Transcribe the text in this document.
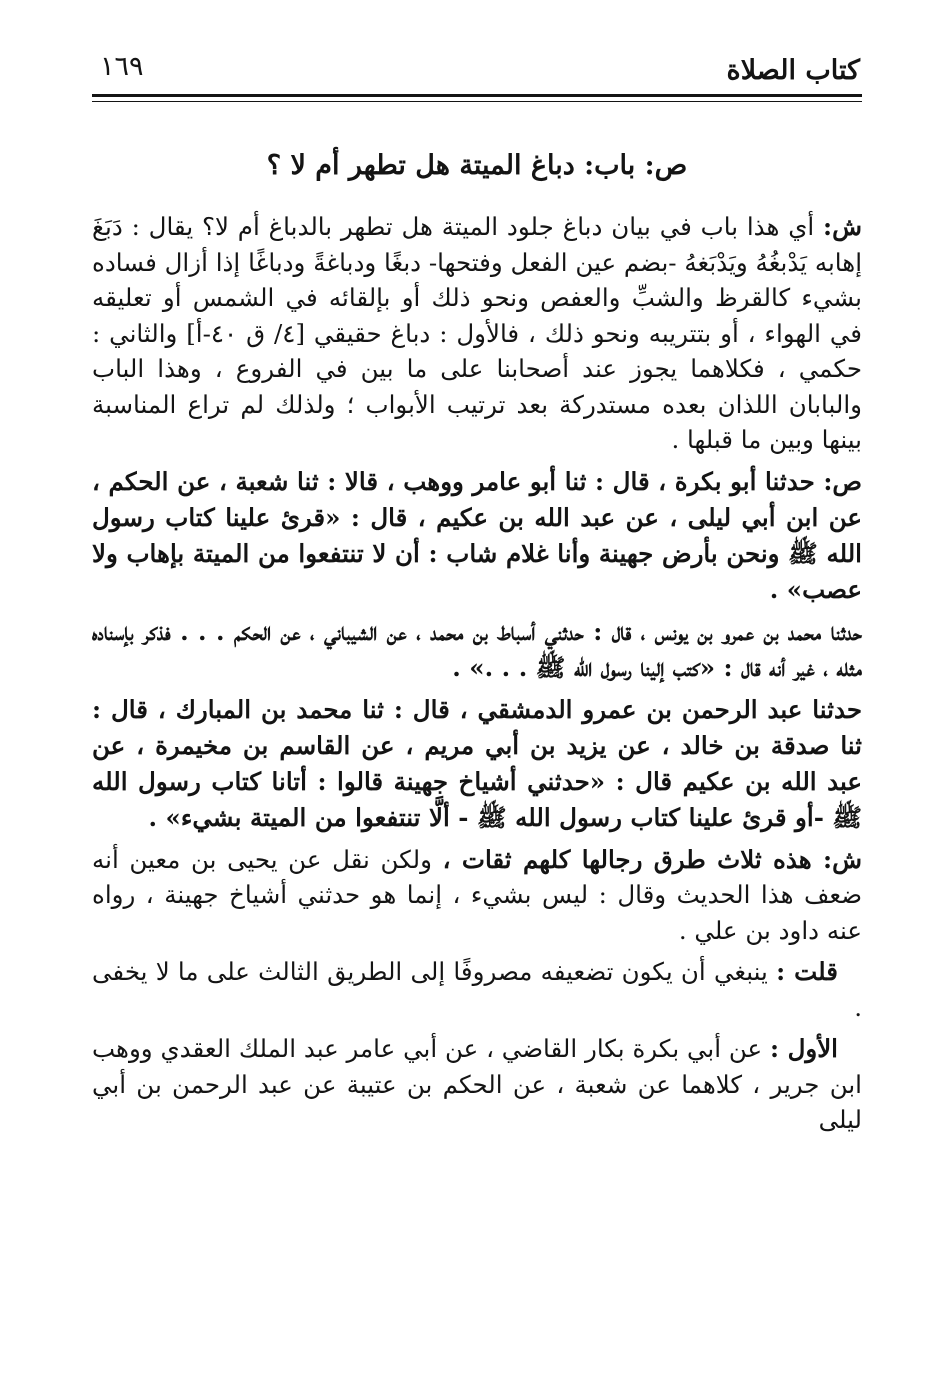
كتاب الصلاة
١٦٩
ص: باب: دباغ الميتة هل تطهر أم لا ؟

ش: أي هذا باب في بيان دباغ جلود الميتة هل تطهر بالدباغ أم لا؟ يقال : دَبَغَ إهابه يَدْبغُهُ ويَدْبَغهُ -بضم عين الفعل وفتحها- دبغًا ودباغةً ودباغًا إذا أزال فساده بشيء كالقرظ والشبِّ والعفص ونحو ذلك أو بإلقائه في الشمس أو تعليقه في الهواء ، أو بتتريبه ونحو ذلك ، فالأول : دباغ حقيقي [٤/ ق ٤٠-أ] والثاني : حكمي ، فكلاهما يجوز عند أصحابنا على ما بين في الفروع ، وهذا الباب والبابان اللذان بعده مستدركة بعد ترتيب الأبواب ؛ ولذلك لم تراع المناسبة بينها وبين ما قبلها .

ص: حدثنا أبو بكرة ، قال : ثنا أبو عامر ووهب ، قالا : ثنا شعبة ، عن الحكم ، عن ابن أبي ليلى ، عن عبد الله بن عكيم ، قال : «قرئ علينا كتاب رسول الله ﷺ ونحن بأرض جهينة وأنا غلام شاب : أن لا تنتفعوا من الميتة بإهاب ولا عصب» .

حدثنا محمد بن عمرو بن يونس ، قال : حدثني أسباط بن محمد ، عن الشيباني ، عن الحكم . . . فذكر بإسناده مثله ، غير أنه قال : «كتب إلينا رسول الله ﷺ . . .» .

حدثنا عبد الرحمن بن عمرو الدمشقي ، قال : ثنا محمد بن المبارك ، قال : ثنا صدقة بن خالد ، عن يزيد بن أبي مريم ، عن القاسم بن مخيمرة ، عن عبد الله بن عكيم قال : «حدثني أشياخ جهينة قالوا : أتانا كتاب رسول الله ﷺ -أو قرئ علينا كتاب رسول الله ﷺ - ألَّا تنتفعوا من الميتة بشيء» .

ش: هذه ثلاث طرق رجالها كلهم ثقات ، ولكن نقل عن يحيى بن معين أنه ضعف هذا الحديث وقال : ليس بشيء ، إنما هو حدثني أشياخ جهينة ، رواه عنه داود بن علي .

قلت : ينبغي أن يكون تضعيفه مصروفًا إلى الطريق الثالث على ما لا يخفى .

الأول : عن أبي بكرة بكار القاضي ، عن أبي عامر عبد الملك العقدي ووهب ابن جرير ، كلاهما عن شعبة ، عن الحكم بن عتيبة عن عبد الرحمن بن أبي ليلى
